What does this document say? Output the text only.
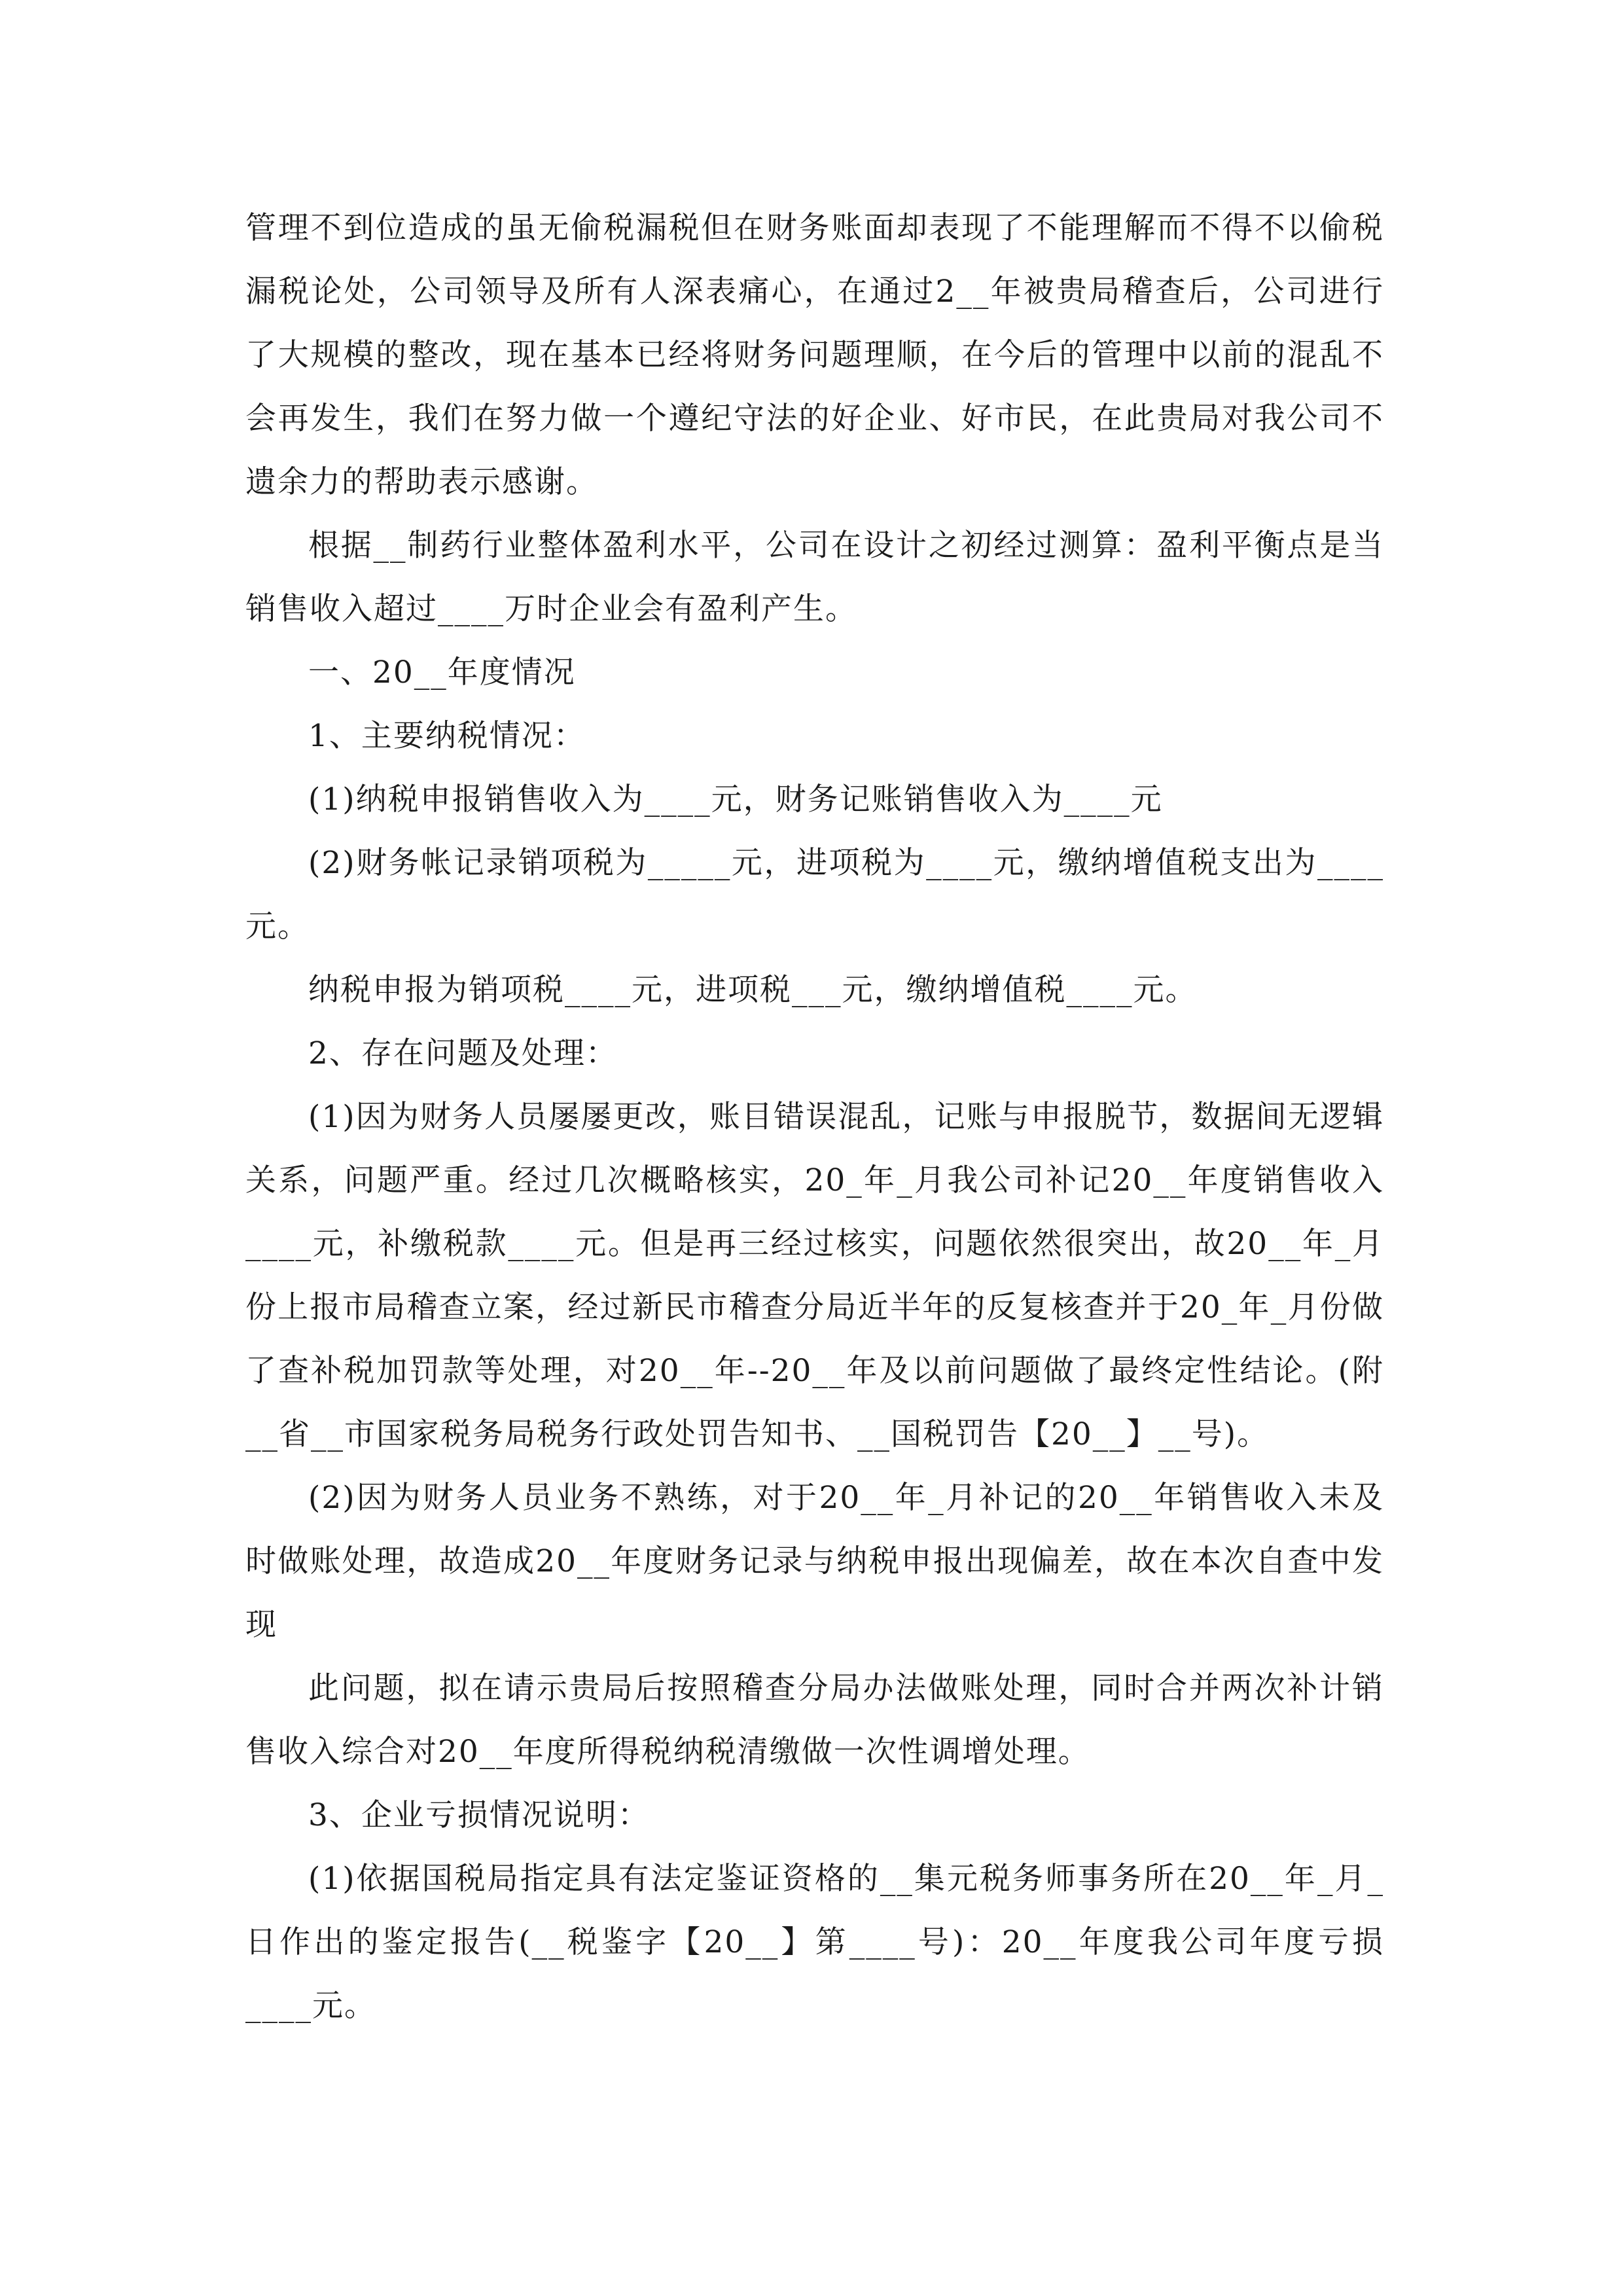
管理不到位造成的虽无偷税漏税但在财务账面却表现了不能理解而不得不以偷税漏税论处，公司领导及所有人深表痛心，在通过2__年被贵局稽查后，公司进行了大规模的整改，现在基本已经将财务问题理顺，在今后的管理中以前的混乱不会再发生，我们在努力做一个遵纪守法的好企业、好市民，在此贵局对我公司不遗余力的帮助表示感谢。

根据__制药行业整体盈利水平，公司在设计之初经过测算：盈利平衡点是当销售收入超过____万时企业会有盈利产生。

一、20__年度情况

1、主要纳税情况：

(1)纳税申报销售收入为____元，财务记账销售收入为____元

(2)财务帐记录销项税为_____元，进项税为____元，缴纳增值税支出为____元。

纳税申报为销项税____元，进项税___元，缴纳增值税____元。

2、存在问题及处理：

(1)因为财务人员屡屡更改，账目错误混乱，记账与申报脱节，数据间无逻辑关系，问题严重。经过几次概略核实，20_年_月我公司补记20__年度销售收入____元，补缴税款____元。但是再三经过核实，问题依然很突出，故20__年_月份上报市局稽查立案，经过新民市稽查分局近半年的反复核查并于20_年_月份做了查补税加罚款等处理，对20__年--20__年及以前问题做了最终定性结论。(附__省__市国家税务局税务行政处罚告知书、__国税罚告【20__】__号)。

(2)因为财务人员业务不熟练，对于20__年_月补记的20__年销售收入未及时做账处理，故造成20__年度财务记录与纳税申报出现偏差，故在本次自查中发现

此问题，拟在请示贵局后按照稽查分局办法做账处理，同时合并两次补计销售收入综合对20__年度所得税纳税清缴做一次性调增处理。

3、企业亏损情况说明：

(1)依据国税局指定具有法定鉴证资格的__集元税务师事务所在20__年_月_日作出的鉴定报告(__税鉴字【20__】第____号)：20__年度我公司年度亏损____元。
